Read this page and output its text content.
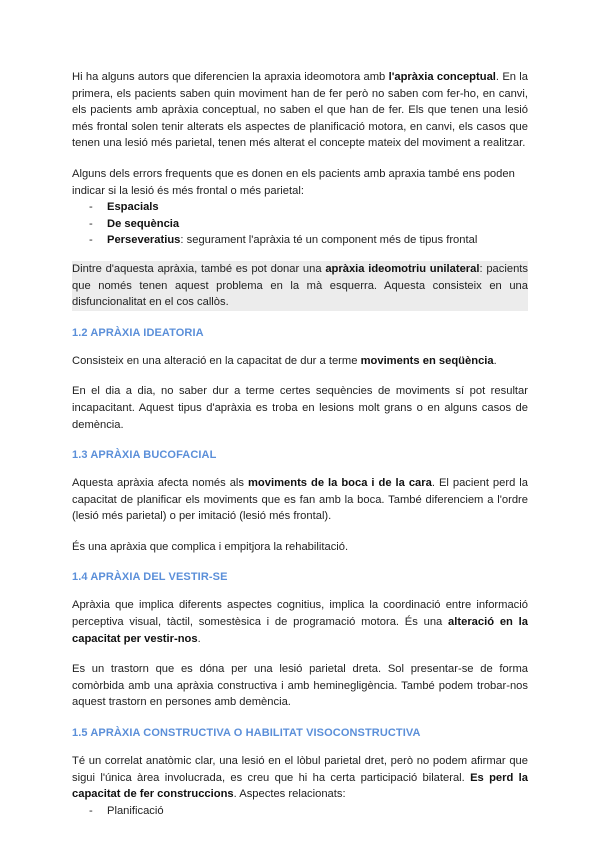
Hi ha alguns autors que diferencien la apraxia ideomotora amb l'apràxia conceptual. En la primera, els pacients saben quin moviment han de fer però no saben com fer-ho, en canvi, els pacients amb apràxia conceptual, no saben el que han de fer. Els que tenen una lesió més frontal solen tenir alterats els aspectes de planificació motora, en canvi, els casos que tenen una lesió més parietal, tenen més alterat el concepte mateix del moviment a realitzar.

Alguns dels errors frequents que es donen en els pacients amb apraxia també ens poden indicar si la lesió és més frontal o més parietal:

- Espacials
- De sequència
- Perseveratius: segurament l'apràxia té un component més de tipus frontal

Dintre d'aquesta apràxia, també es pot donar una apràxia ideomotriu unilateral: pacients que només tenen aquest problema en la mà esquerra. Aquesta consisteix en una disfuncionalitat en el cos callòs.

1.2 APRÀXIA IDEATORIA

Consisteix en una alteració en la capacitat de dur a terme moviments en seqüència.

En el dia a dia, no saber dur a terme certes sequències de moviments sí pot resultar incapacitant. Aquest tipus d'apràxia es troba en lesions molt grans o en alguns casos de demència.

1.3 APRÀXIA BUCOFACIAL

Aquesta apràxia afecta només als moviments de la boca i de la cara. El pacient perd la capacitat de planificar els moviments que es fan amb la boca. També diferenciem a l'ordre (lesió més parietal) o per imitació (lesió més frontal).

És una apràxia que complica i empitjora la rehabilitació.

1.4 APRÀXIA DEL VESTIR-SE

Apràxia que implica diferents aspectes cognitius, implica la coordinació entre informació perceptiva visual, tàctil, somestèsica i de programació motora. És una alteració en la capacitat per vestir-nos.

Es un trastorn que es dóna per una lesió parietal dreta. Sol presentar-se de forma comòrbida amb una apràxia constructiva i amb heminegligència. També podem trobar-nos aquest trastorn en persones amb demència.

1.5 APRÀXIA CONSTRUCTIVA O HABILITAT VISOCONSTRUCTIVA

Té un correlat anatòmic clar, una lesió en el lòbul parietal dret, però no podem afirmar que sigui l'única àrea involucrada, es creu que hi ha certa participació bilateral. Es perd la capacitat de fer construccions. Aspectes relacionats:

- Planificació
